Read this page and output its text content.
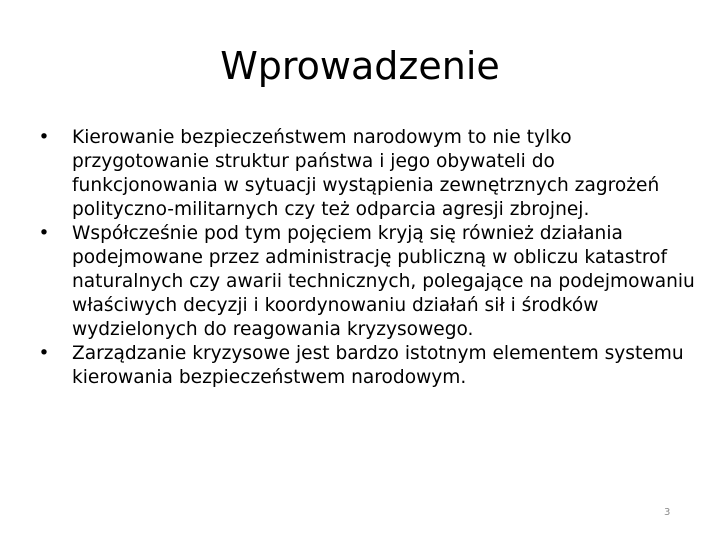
Wprowadzenie
• Kierowanie bezpieczeństwem narodowym to nie tylko przygotowanie struktur państwa i jego obywateli do funkcjonowania w sytuacji wystąpienia zewnętrznych zagrożeń polityczno-militarnych czy też odparcia agresji zbrojnej.
• Współcześnie pod tym pojęciem kryją się również działania podejmowane przez administrację publiczną w obliczu katastrof naturalnych czy awarii technicznych, polegające na podejmowaniu właściwych decyzji i koordynowaniu działań sił i środków wydzielonych do reagowania kryzysowego.
• Zarządzanie kryzysowe jest bardzo istotnym elementem systemu kierowania bezpieczeństwem narodowym.
3
